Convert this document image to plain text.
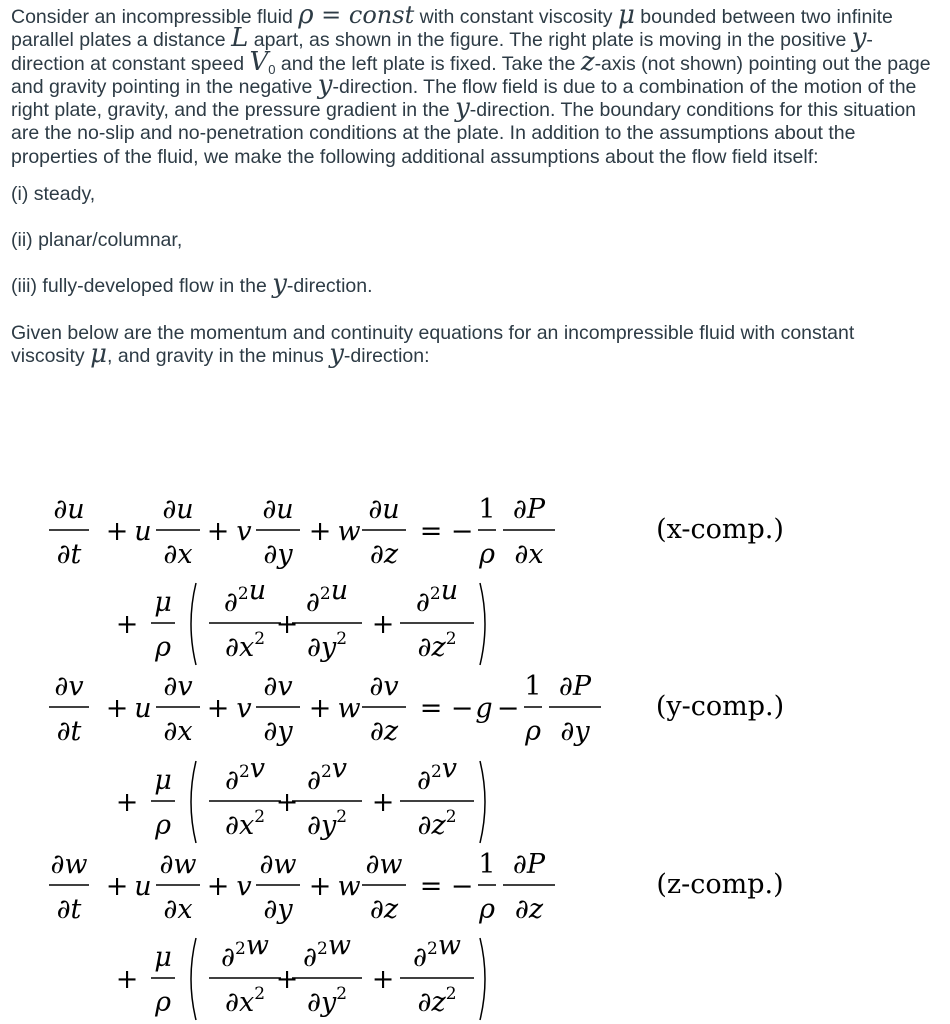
Consider an incompressible fluid ρ = const with constant viscosity μ bounded between two infinite parallel plates a distance L apart, as shown in the figure. The right plate is moving in the positive y-direction at constant speed $V_0$ and the left plate is fixed. Take the z-axis (not shown) pointing out the page and gravity pointing in the negative y-direction. The flow field is due to a combination of the motion of the right plate, gravity, and the pressure gradient in the y-direction. The boundary conditions for this situation are the no-slip and no-penetration conditions at the plate. In addition to the assumptions about the properties of the fluid, we make the following additional assumptions about the flow field itself:

(i) steady,

(ii) planar/columnar,

(iii) fully-developed flow in the y-direction.

Given below are the momentum and continuity equations for an incompressible fluid with constant viscosity μ, and gravity in the minus y-direction:

∂u
∂t
+ u
∂u
∂x
+ v
∂u
∂y
+ w
∂u
∂z
= −
1
ρ
∂P
∂x
(x-comp.)
+
μ
ρ
∂$^2$u
$\partial x^2$ +
∂$^2$u
$\partial y^2$ +
∂$^2$u
$\partial z^2$
∂v
∂t
+ u
∂v
∂x
+ v
∂v
∂y
+ w
∂v
∂z
= − g −
1
ρ
∂P
∂y
(y-comp.)
+
μ
ρ
∂$^2$v
$\partial x^2$ +
∂$^2$v
$\partial y^2$ +
∂$^2$v
$\partial z^2$
∂w
∂t
+ u
∂w
∂x
+ v
∂w
∂y
+ w
∂w
∂z
= −
1
ρ
∂P
∂z
(z-comp.)
+
μ
ρ
∂$^2$w
$\partial x^2$ +
∂$^2$w
$\partial y^2$ +
∂$^2$w
$\partial z^2$
